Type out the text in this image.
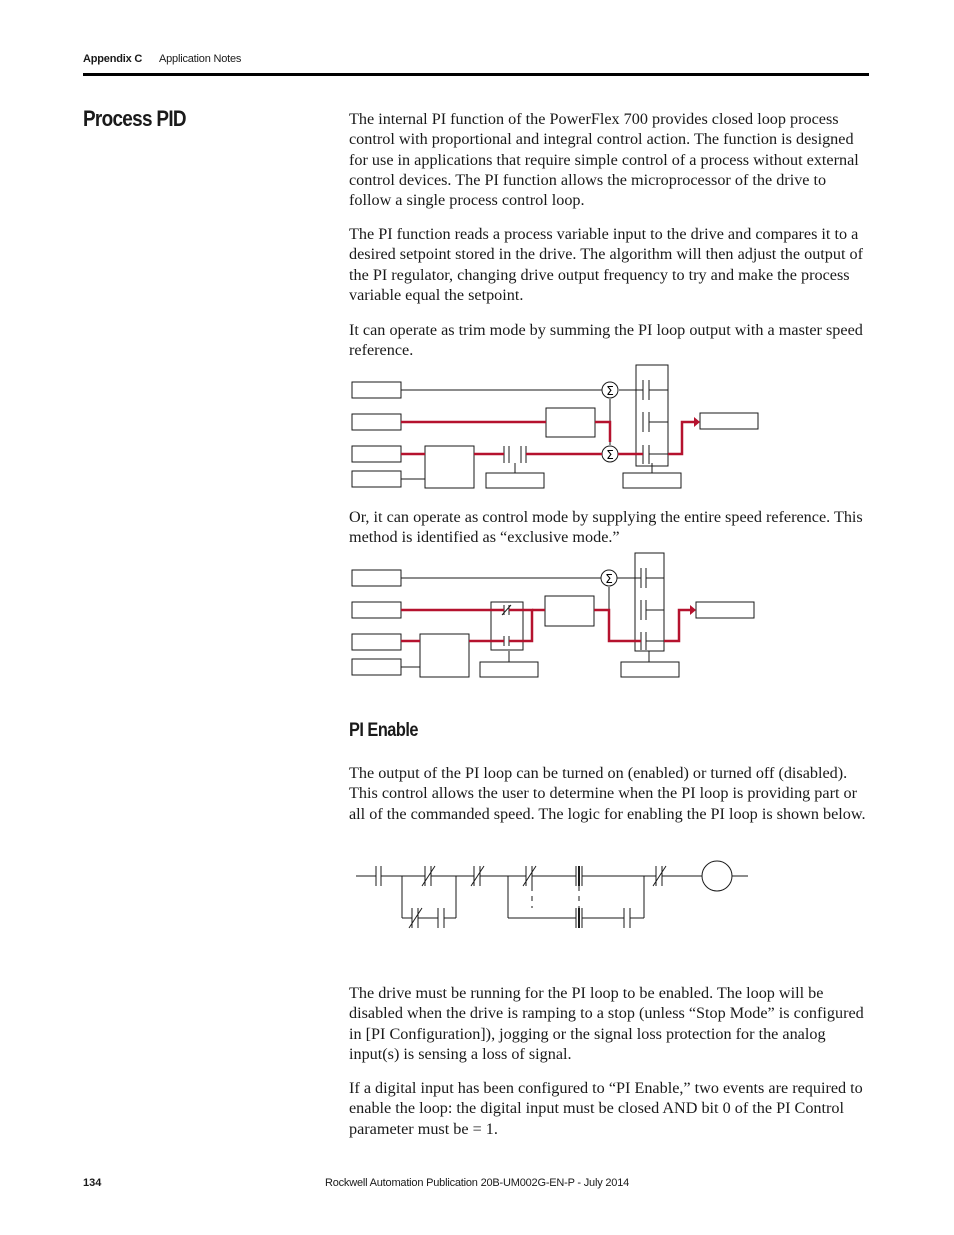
Appendix C Application Notes
Process PID	The internal PI function of the PowerFlex 700 provides closed loop process control with proportional and integral control action. The function is designed for use in applications that require simple control of a process without external control devices. The PI function allows the microprocessor of the drive to follow a single process control loop.

The PI function reads a process variable input to the drive and compares it to a desired setpoint stored in the drive. The algorithm will then adjust the output of the PI regulator, changing drive output frequency to try and make the process variable equal the setpoint.

It can operate as trim mode by summing the PI loop output with a master speed reference.

Σ
Σ

Or, it can operate as control mode by supplying the entire speed reference. This method is identified as “exclusive mode.”

Σ
PI Enable

The output of the PI loop can be turned on (enabled) or turned off (disabled). This control allows the user to determine when the PI loop is providing part or all of the commanded speed. The logic for enabling the PI loop is shown below.

The drive must be running for the PI loop to be enabled. The loop will be disabled when the drive is ramping to a stop (unless “Stop Mode” is configured in [PI Configuration]), jogging or the signal loss protection for the analog input(s) is sensing a loss of signal.

If a digital input has been configured to “PI Enable,” two events are required to enable the loop: the digital input must be closed AND bit 0 of the PI Control parameter must be = 1.

134	Rockwell Automation Publication 20B-UM002G-EN-P - July 2014
